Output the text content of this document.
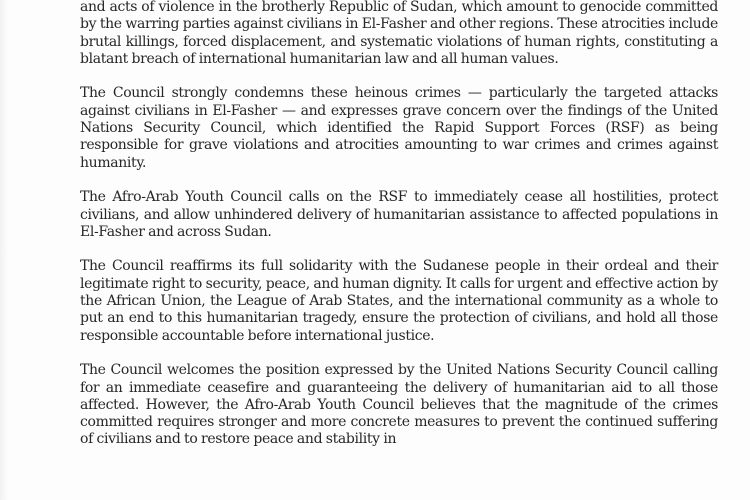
and acts of violence in the brotherly Republic of Sudan, which amount to genocide committed by the warring parties against civilians in El-Fasher and other regions. These atrocities include brutal killings, forced displacement, and systematic violations of human rights, constituting a blatant breach of international humanitarian law and all human values.

The Council strongly condemns these heinous crimes — particularly the targeted attacks against civilians in El-Fasher — and expresses grave concern over the findings of the United Nations Security Council, which identified the Rapid Support Forces (RSF) as being responsible for grave violations and atrocities amounting to war crimes and crimes against humanity.

The Afro-Arab Youth Council calls on the RSF to immediately cease all hostilities, protect civilians, and allow unhindered delivery of humanitarian assistance to affected populations in El-Fasher and across Sudan.

The Council reaffirms its full solidarity with the Sudanese people in their ordeal and their legitimate right to security, peace, and human dignity. It calls for urgent and effective action by the African Union, the League of Arab States, and the international community as a whole to put an end to this humanitarian tragedy, ensure the protection of civilians, and hold all those responsible accountable before international justice.

The Council welcomes the position expressed by the United Nations Security Council calling for an immediate ceasefire and guaranteeing the delivery of humanitarian aid to all those affected. However, the Afro-Arab Youth Council believes that the magnitude of the crimes committed requires stronger and more concrete measures to prevent the continued suffering of civilians and to restore peace and stability in
